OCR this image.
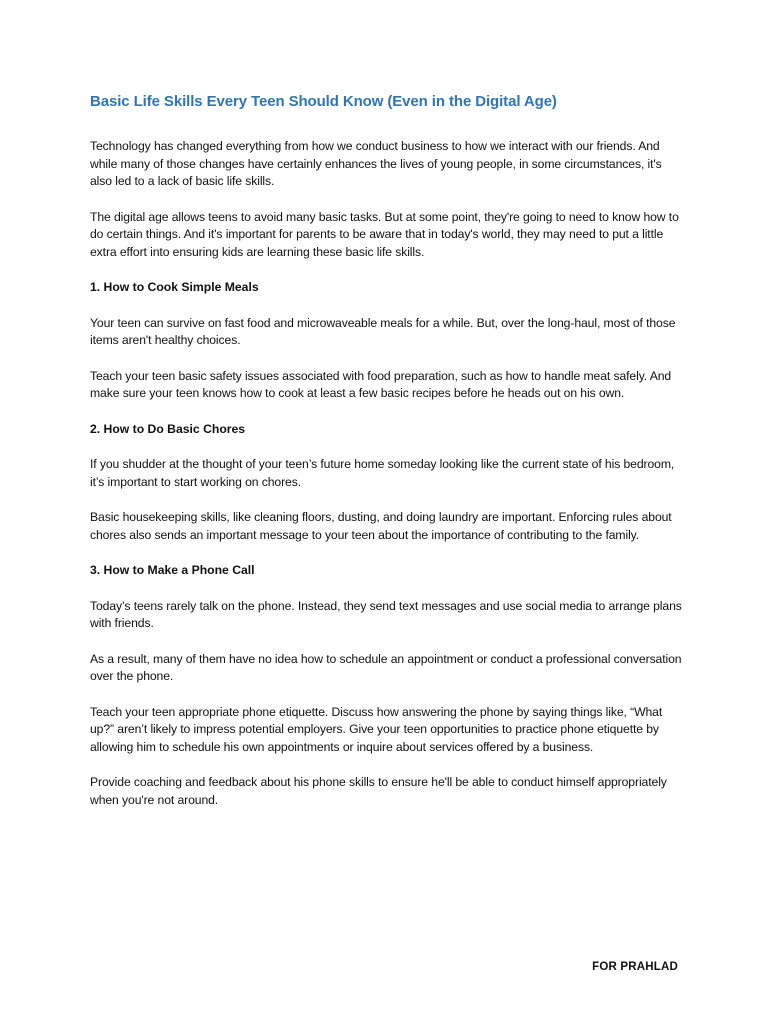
Basic Life Skills Every Teen Should Know (Even in the Digital Age)

Technology has changed everything from how we conduct business to how we interact with our friends. And while many of those changes have certainly enhances the lives of young people, in some circumstances, it's also led to a lack of basic life skills.

The digital age allows teens to avoid many basic tasks. But at some point, they're going to need to know how to do certain things. And it's important for parents to be aware that in today's world, they may need to put a little extra effort into ensuring kids are learning these basic life skills.

1. How to Cook Simple Meals

Your teen can survive on fast food and microwaveable meals for a while. But, over the long-haul, most of those items aren't healthy choices.

Teach your teen basic safety issues associated with food preparation, such as how to handle meat safely. And make sure your teen knows how to cook at least a few basic recipes before he heads out on his own.

2. How to Do Basic Chores

If you shudder at the thought of your teen’s future home someday looking like the current state of his bedroom, it’s important to start working on chores.

Basic housekeeping skills, like cleaning floors, dusting, and doing laundry are important. Enforcing rules about chores also sends an important message to your teen about the importance of contributing to the family.

3. How to Make a Phone Call

Today’s teens rarely talk on the phone. Instead, they send text messages and use social media to arrange plans with friends.

As a result, many of them have no idea how to schedule an appointment or conduct a professional conversation over the phone.

Teach your teen appropriate phone etiquette. Discuss how answering the phone by saying things like, “What up?” aren’t likely to impress potential employers. Give your teen opportunities to practice phone etiquette by allowing him to schedule his own appointments or inquire about services offered by a business.

Provide coaching and feedback about his phone skills to ensure he'll be able to conduct himself appropriately when you're not around.

FOR PRAHLAD
